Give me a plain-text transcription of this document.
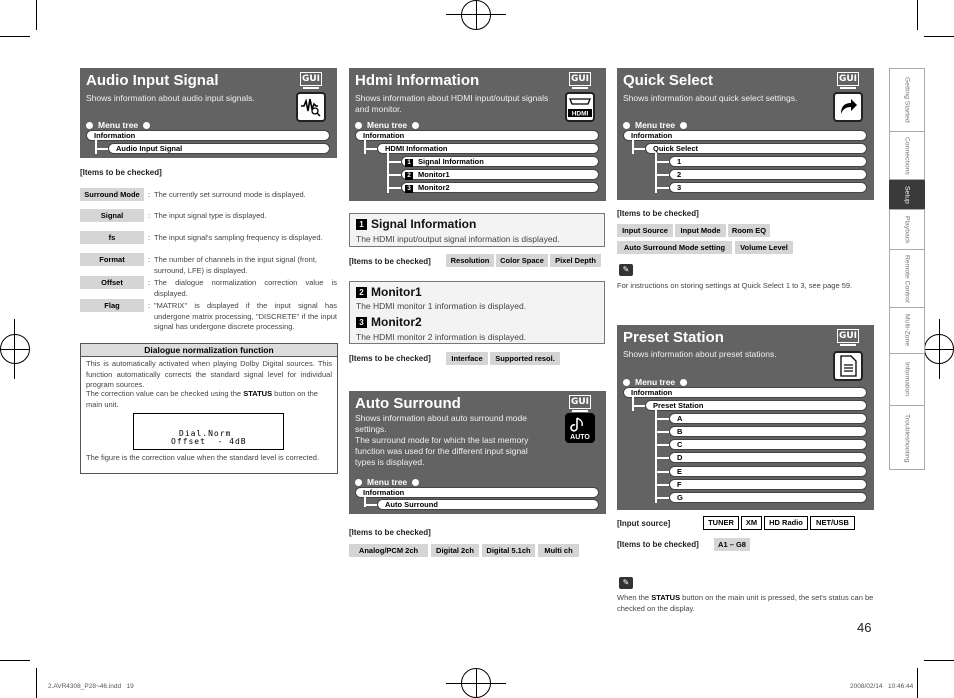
Audio Input Signal	GUI
Shows information about audio input signals.
Menu tree
Information
Audio Input Signal
[Items to be checked]
Surround Mode	: The currently set surround mode is displayed.
Signal	: The input signal type is displayed.
fs	: The input signal's sampling frequency is displayed.
Format	: The number of channels in the input signal (front, surround, LFE) is displayed.
Offset	: The dialogue normalization correction value is displayed.
Flag	: "MATRIX" is displayed if the input signal has undergone matrix processing, "DISCRETE" if the input signal has undergone discrete processing.
Dialogue normalization function
This is automatically activated when playing Dolby Digital sources. This function automatically corrects the standard signal level for individual program sources.
The correction value can be checked using the STATUS button on the main unit.
Dial.Norm
Offset  - 4dB
The figure is the correction value when the standard level is corrected.
Hdmi Information	GUI
Shows information about HDMI input/output signals and monitor.	HDMI
Menu tree
Information
HDMI Information
1 Signal Information
2 Monitor1
3 Monitor2
1 Signal Information
The HDMI input/output signal information is displayed.
[Items to be checked]	Resolution	Color Space	Pixel Depth
2 Monitor1
The HDMI monitor 1 information is displayed.
3 Monitor2
The HDMI monitor 2 information is displayed.
[Items to be checked]	Interface	Supported resol.
Auto Surround	GUI
Shows information about auto surround mode settings.
The surround mode for which the last memory function was used for the different input signal types is displayed.
AUTO
Menu tree
Information
Auto Surround
[Items to be checked]
Analog/PCM 2ch	Digital 2ch	Digital 5.1ch	Multi ch
Quick Select	GUI
Shows information about quick select settings.
Menu tree
Information
Quick Select
1
2
3
[Items to be checked]
Input Source	Input Mode	Room EQ
Auto Surround Mode setting	Volume Level
✎
For instructions on storing settings at Quick Select 1 to 3, see page 59.
Preset Station	GUI
Shows information about preset stations.
Menu tree
Information
Preset Station
A
B
C
D
E
F
G
[Input source]	TUNER	XM	HD Radio	NET/USB
[Items to be checked]	A1 – G8
✎
When the STATUS button on the main unit is pressed, the set's status can be checked on the display.
46
Getting Started
Connections
Setup
Playback
Remote Control
Multi-Zone
Information
Troubleshooting
2.AVR4308_P28~46.indd   19	2008/02/14   10:46:44
